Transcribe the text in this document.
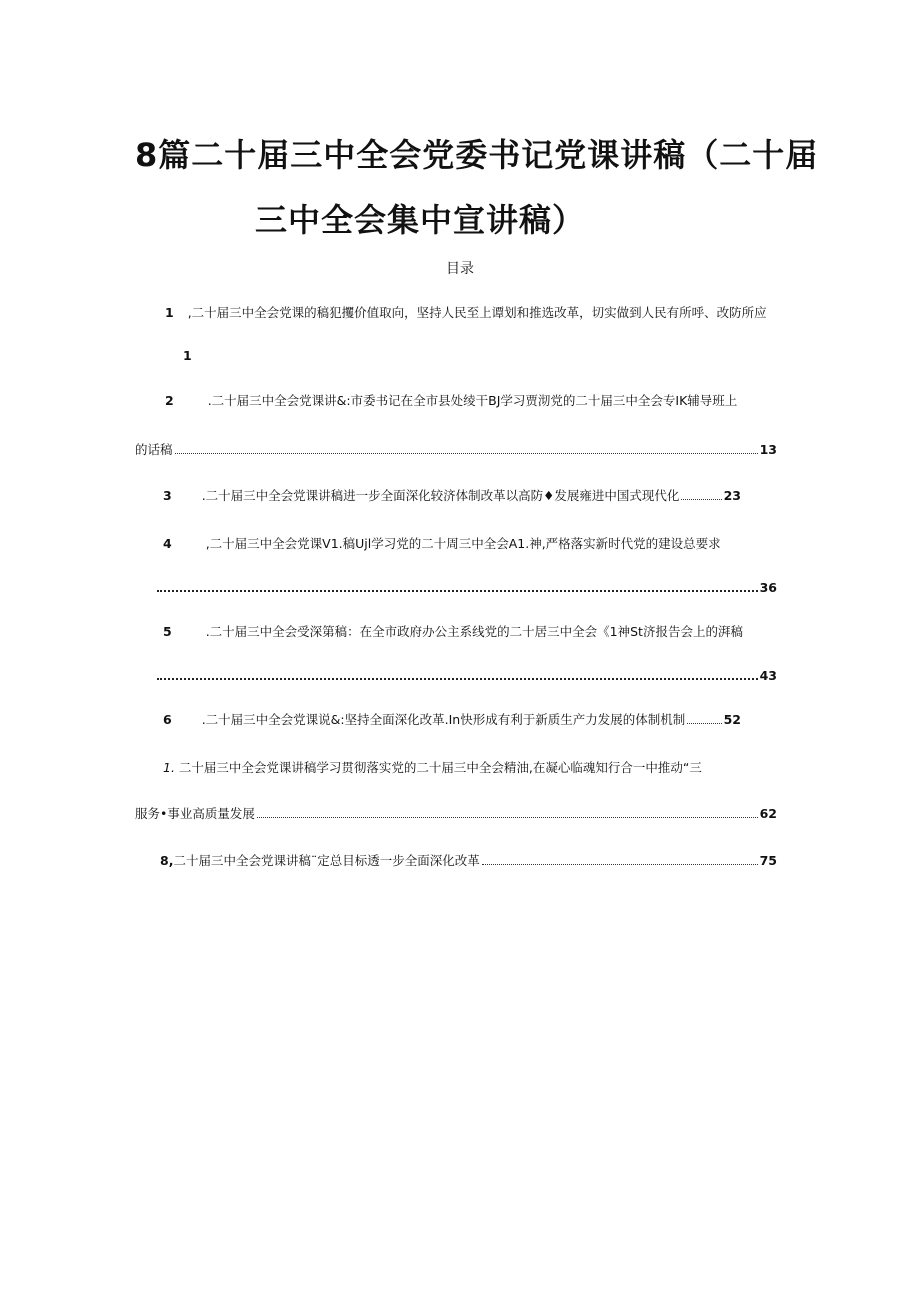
8篇二十届三中全会党委书记党课讲稿（二十届
三中全会集中宣讲稿）
目录
1 ,二十届三中全会党课的稿犯攫价值取向，坚持人民至上谭划和推选改革，切实做到人民有所呼、改防所应
1
2	.二十届三中全会党课讲&:市委书记在全市县处绫干BJ学习贾沏党的二十届三中全会专IK辅导班上
的话稿	13
3 .二十届三中全会党课讲稿进一步全面深化较济体制改革以高防♦发展雍进中国式现代化	23
4	,二十届三中全会党课V1.稿Ujl学习党的二十周三中全会A1.神,严格落实新时代党的建设总要求
36
5	.二十届三中全会受深第稿：在全市政府办公主系线党的二十居三中全会《1神St济报告会上的湃稿
43
6 .二十届三中全会党课说&:坚持全面深化改革.In快形成有利于新质生产力发展的体制机制	52
1. 二十届三中全会党课讲稿学习贯彻落实党的二十届三中全会精油,在凝心临魂知行合一中推动“三
服务•事业高质量发展	62
8, 二十届三中全会党课讲稿¨定总目标透一步全面深化改革	75
